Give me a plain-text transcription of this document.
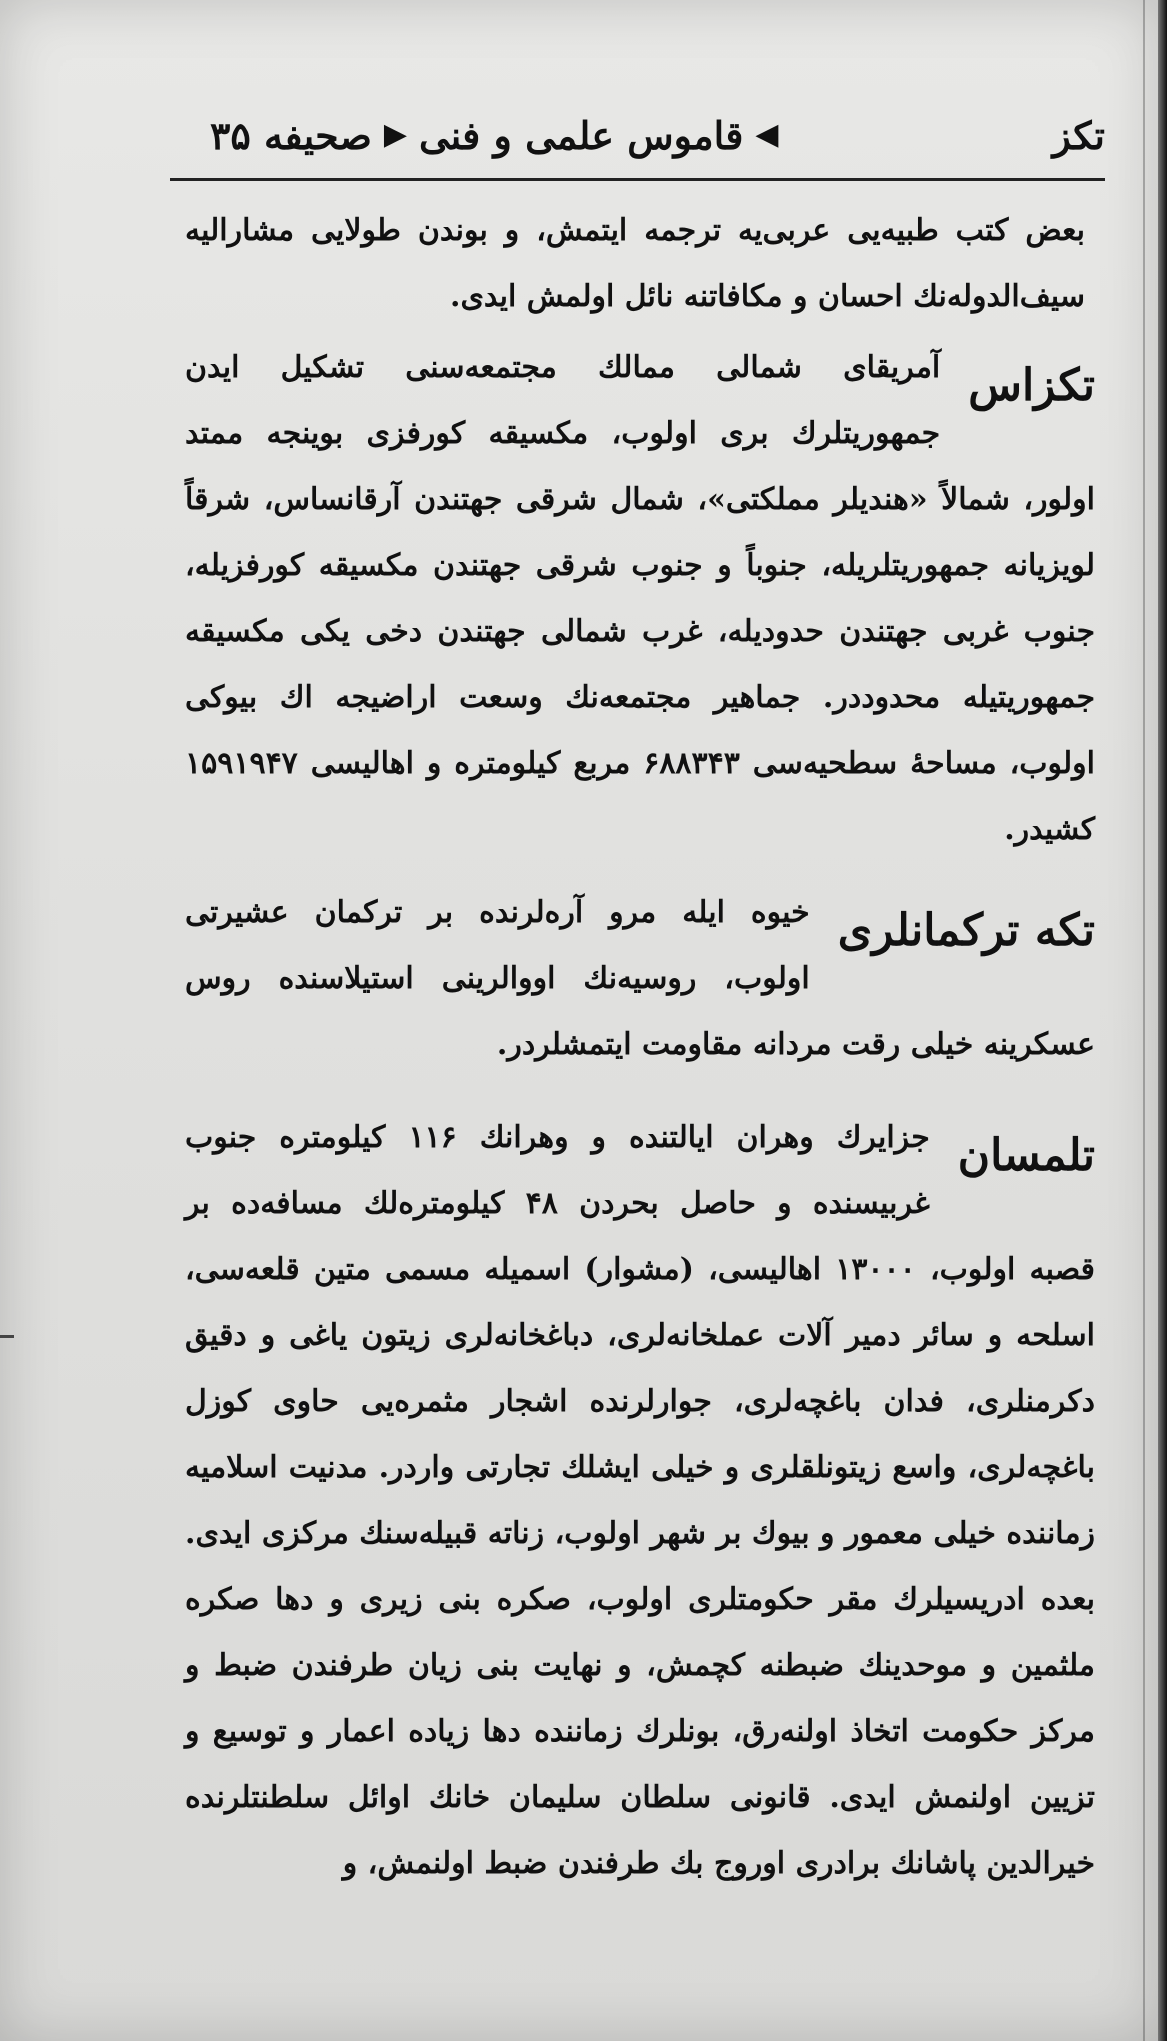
تکز
◀
قاموس علمی و فنی
▶
صحیفه ۳۵
بعض کتب طبیه‌یی عربی‌یه ترجمه ایتمش، و بوندن طولایی مشارالیه سیف‌الدوله‌نك احسان و مکافاتنه نائل اولمش ایدی.
تکزاس
آمریقای شمالی ممالك مجتمعه‌سنی تشکیل ایدن جمهوریتلرك بری اولوب، مکسیقه کورفزی بوینجه ممتد اولور، شمالاً «هندیلر مملکتی»، شمال شرقی جهتندن آرقانساس، شرقاً لویزیانه جمهوریتلریله، جنوباً و جنوب شرقی جهتندن مکسیقه کورفزیله، جنوب غربی جهتندن حدودیله، غرب شمالی جهتندن دخی یکی مکسیقه جمهوریتیله محدوددر. جماهیر مجتمعه‌نك وسعت اراضیجه اك بیوکی اولوب، مساحهٔ سطحیه‌سی ۶۸۸۳۴۳ مربع کیلومتره و اهالیسی ۱۵۹۱۹۴۷ کشیدر.
تکه ترکمانلری
خیوه ایله مرو آره‌لرنده بر ترکمان عشیرتی اولوب، روسیه‌نك اووالرینی استیلاسنده روس عسکرینه خیلی رقت مردانه مقاومت ایتمشلردر.
تلمسان
جزایرك وهران ایالتنده و وهرانك ۱۱۶ کیلومتره جنوب غربیسنده و حاصل بحردن ۴۸ کیلومتره‌لك مسافه‌ده بر قصبه اولوب، ۱۳۰۰۰ اهالیسی، (مشوار) اسمیله مسمی متین قلعه‌سی، اسلحه و سائر دمیر آلات عملخانه‌لری، دباغخانه‌لری زیتون یاغی و دقیق دکرمنلری، فدان باغچه‌لری، جوارلرنده اشجار مثمره‌یی حاوی کوزل باغچه‌لری، واسع زیتونلقلری و خیلی ایشلك تجارتی واردر. مدنیت اسلامیه زماننده خیلی معمور و بیوك بر شهر اولوب، زناته قبیله‌سنك مرکزی ایدی. بعده ادریسیلرك مقر حکومتلری اولوب، صکره بنی زیری و دها صکره ملثمین و موحدینك ضبطنه کچمش، و نهایت بنی زیان طرفندن ضبط و مرکز حکومت اتخاذ اولنه‌رق، بونلرك زماننده دها زیاده اعمار و توسیع و تزیین اولنمش ایدی. قانونی سلطان سلیمان خانك اوائل سلطنتلرنده خیرالدین پاشانك برادری اوروج بك طرفندن ضبط اولنمش، و
